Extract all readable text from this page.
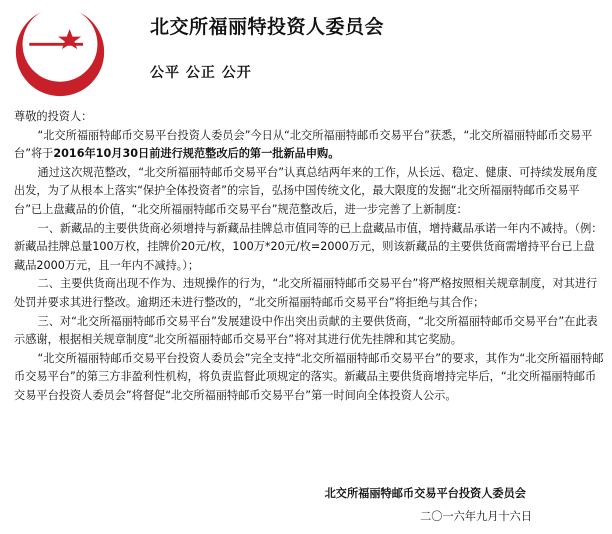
北交所福丽特投资人委员会
公平 公正 公开

尊敬的投资人：

“北交所福丽特邮币交易平台投资人委员会”今日从“北交所福丽特邮币交易平台”获悉，“北交所福丽特邮币交易平台”将于2016年10月30日前进行规范整改后的第一批新品申购。

通过这次规范整改，“北交所福丽特邮币交易平台”认真总结两年来的工作，从长远、稳定、健康、可持续发展角度出发，为了从根本上落实“保护全体投资者”的宗旨，弘扬中国传统文化，最大限度的发掘“北交所福丽特邮币交易平台”已上盘藏品的价值，“北交所福丽特邮币交易平台”规范整改后，进一步完善了上新制度：

一、新藏品的主要供货商必须增持与新藏品挂牌总市值同等的已上盘藏品市值，增持藏品承诺一年内不减持。（例：新藏品挂牌总量100万枚，挂牌价20元/枚，100万*20元/枚=2000万元，则该新藏品的主要供货商需增持平台已上盘藏品2000万元，且一年内不减持。）；

二、主要供货商出现不作为、违规操作的行为，“北交所福丽特邮币交易平台”将严格按照相关规章制度，对其进行处罚并要求其进行整改。逾期还未进行整改的，“北交所福丽特邮币交易平台”将拒绝与其合作；

三、对“北交所福丽特邮币交易平台”发展建设中作出突出贡献的主要供货商，“北交所福丽特邮币交易平台”在此表示感谢，根据相关规章制度“北交所福丽特邮币交易平台”将对其进行优先挂牌和其它奖励。

“北交所福丽特邮币交易平台投资人委员会”完全支持“北交所福丽特邮币交易平台”的要求，其作为“北交所福丽特邮币交易平台”的第三方非盈利性机构，将负责监督此项规定的落实。新藏品主要供货商增持完毕后，“北交所福丽特邮币交易平台投资人委员会”将督促“北交所福丽特邮币交易平台”第一时间向全体投资人公示。

北交所福丽特邮币交易平台投资人委员会
二〇一六年九月十六日
